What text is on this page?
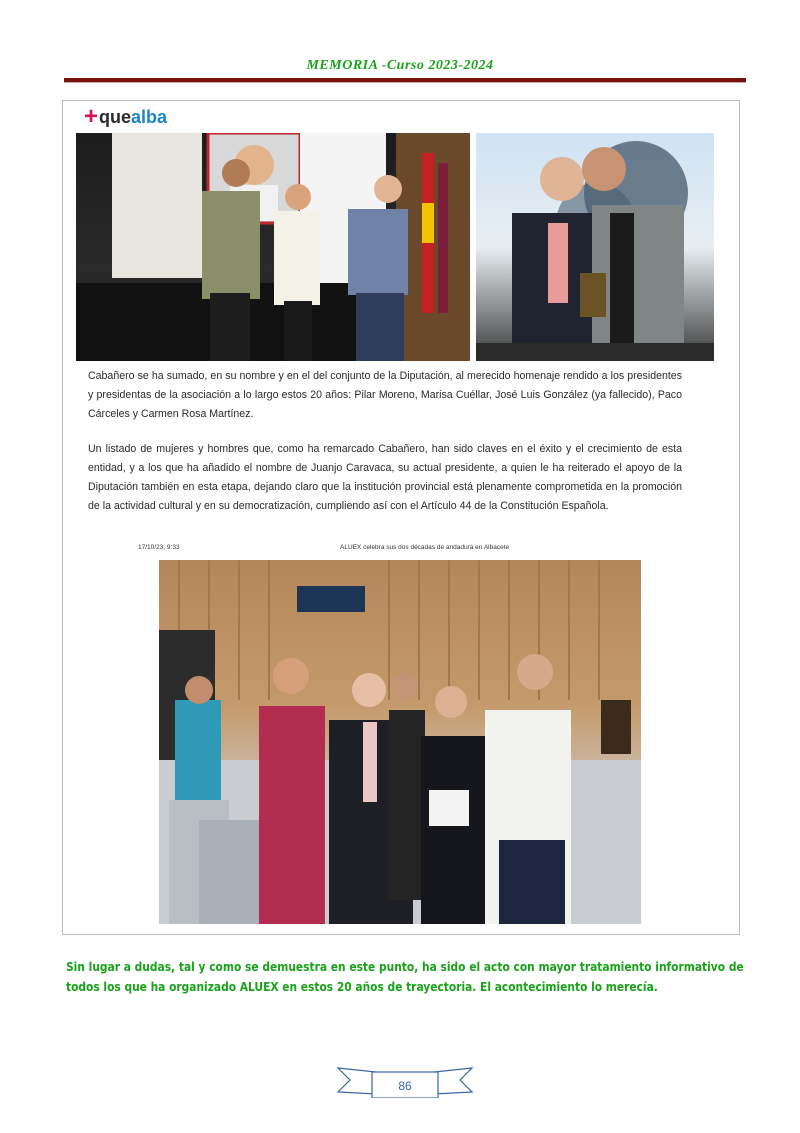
MEMORIA -Curso 2023-2024
+ que alba
Cabañero se ha sumado, en su nombre y en el del conjunto de la Diputación, al merecido homenaje rendido a los presidentes y presidentas de la asociación a lo largo estos 20 años: Pilar Moreno, Marisa Cuéllar, José Luis González (ya fallecido), Paco Cárceles y Carmen Rosa Martínez.
Un listado de mujeres y hombres que, como ha remarcado Cabañero, han sido claves en el éxito y el crecimiento de esta entidad, y a los que ha añadido el nombre de Juanjo Caravaca, su actual presidente, a quien le ha reiterado el apoyo de la Diputación también en esta etapa, dejando claro que la institución provincial está plenamente comprometida en la promoción de la actividad cultural y en su democratización, cumpliendo así con el Artículo 44 de la Constitución Española.
17/10/23, 9:33	ALUEX celebra sus dos décadas de andadura en Albacete
Sin lugar a dudas, tal y como se demuestra en este punto, ha sido el acto con mayor tratamiento informativo de todos los que ha organizado ALUEX en estos 20 años de trayectoria. El acontecimiento lo merecía.
86
